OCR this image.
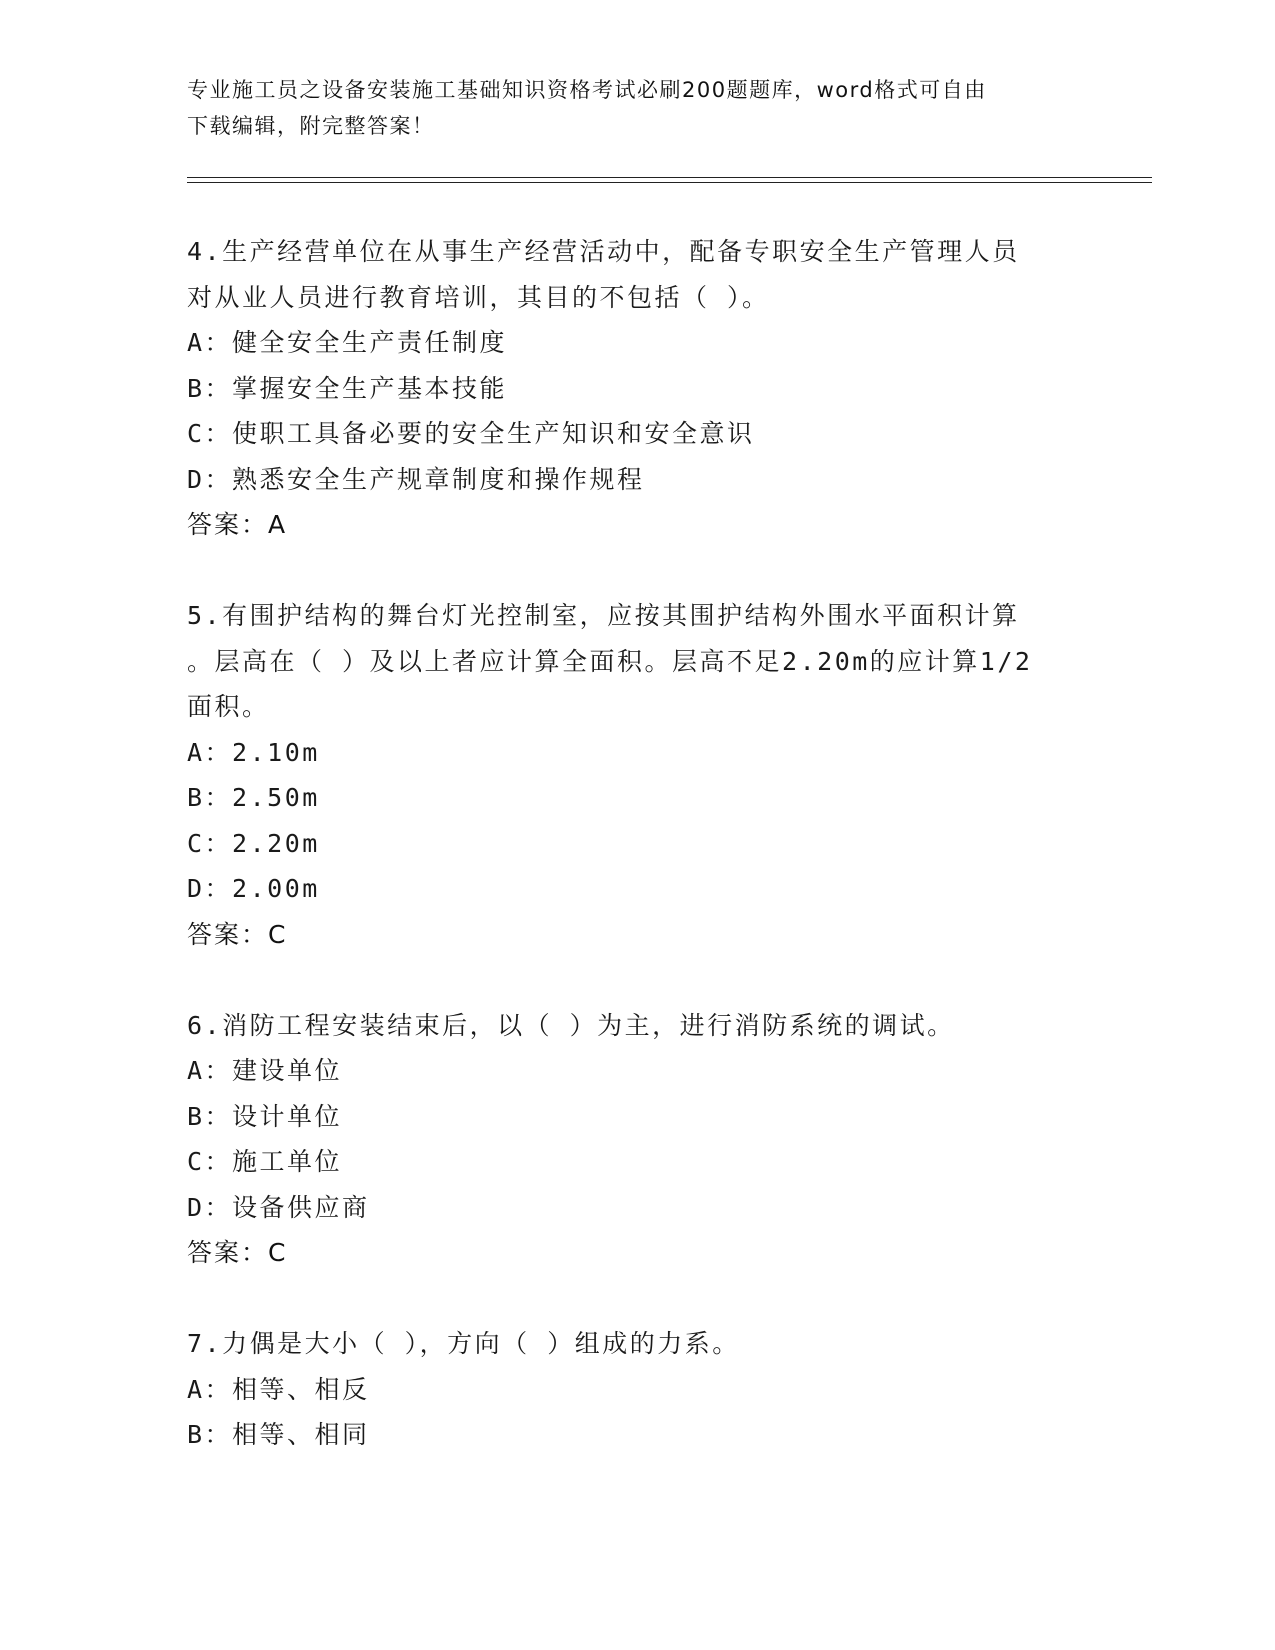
专业施工员之设备安装施工基础知识资格考试必刷200题题库，word格式可自由
下载编辑，附完整答案！
4.生产经营单位在从事生产经营活动中，配备专职安全生产管理人员
对从业人员进行教育培训，其目的不包括（ ）。
A：健全安全生产责任制度
B：掌握安全生产基本技能
C：使职工具备必要的安全生产知识和安全意识
D：熟悉安全生产规章制度和操作规程
答案：A
5.有围护结构的舞台灯光控制室，应按其围护结构外围水平面积计算
。层高在（ ）及以上者应计算全面积。层高不足2.20m的应计算1/2
面积。
A：2.10m
B：2.50m
C：2.20m
D：2.00m
答案：C
6.消防工程安装结束后，以（ ）为主，进行消防系统的调试。
A：建设单位
B：设计单位
C：施工单位
D：设备供应商
答案：C
7.力偶是大小（ ），方向（ ）组成的力系。
A：相等、相反
B：相等、相同
